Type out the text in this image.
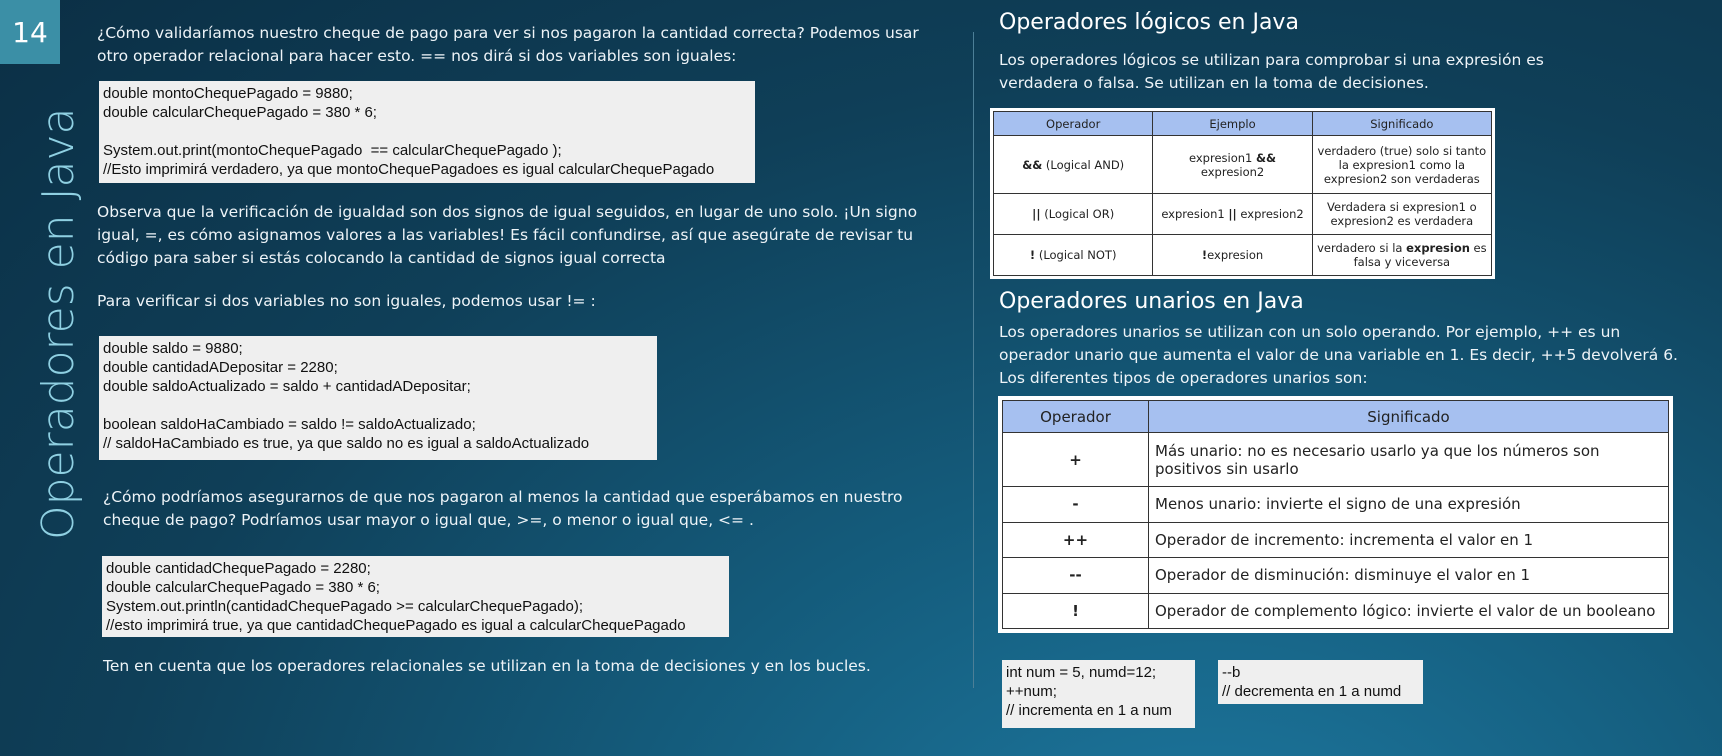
14
Operadores en Java

¿Cómo validaríamos nuestro cheque de pago para ver si nos pagaron la cantidad correcta? Podemos usar otro operador relacional para hacer esto. == nos dirá si dos variables son iguales:

double montoChequePagado = 9880;
double calcularChequePagado = 380 * 6;

System.out.print(montoChequePagado  == calcularChequePagado );
//Esto imprimirá verdadero, ya que montoChequePagadoes es igual calcularChequePagado

Observa que la verificación de igualdad son dos signos de igual seguidos, en lugar de uno solo. ¡Un signo igual, =, es cómo asignamos valores a las variables! Es fácil confundirse, así que asegúrate de revisar tu código para saber si estás colocando la cantidad de signos igual correcta

Para verificar si dos variables no son iguales, podemos usar != :

double saldo = 9880;
double cantidadADepositar = 2280;
double saldoActualizado = saldo + cantidadADepositar;

boolean saldoHaCambiado = saldo != saldoActualizado;
// saldoHaCambiado es true, ya que saldo no es igual a saldoActualizado

¿Cómo podríamos asegurarnos de que nos pagaron al menos la cantidad que esperábamos en nuestro cheque de pago? Podríamos usar mayor o igual que, >=, o menor o igual que, <= .

double cantidadChequePagado = 2280;
double calcularChequePagado = 380 * 6;
System.out.println(cantidadChequePagado >= calcularChequePagado);
//esto imprimirá true, ya que cantidadChequePagado es igual a calcularChequePagado

Ten en cuenta que los operadores relacionales se utilizan en la toma de decisiones y en los bucles.

Operadores lógicos en Java

Los operadores lógicos se utilizan para comprobar si una expresión es verdadera o falsa. Se utilizan en la toma de decisiones.

Operador	Ejemplo	Significado
&& (Logical AND)	expresion1 && expresion2	verdadero (true) solo si tanto la expresion1 como la expresion2 son verdaderas
|| (Logical OR)	expresion1 || expresion2	Verdadera si expresion1 o expresion2 es verdadera
! (Logical NOT)	!expresion	verdadero si la expresion es falsa y viceversa
Operadores unarios en Java

Los operadores unarios se utilizan con un solo operando. Por ejemplo, ++ es un operador unario que aumenta el valor de una variable en 1. Es decir, ++5 devolverá 6. Los diferentes tipos de operadores unarios son:

Operador	Significado
+	Más unario: no es necesario usarlo ya que los números son positivos sin usarlo
-	Menos unario: invierte el signo de una expresión
++	Operador de incremento: incrementa el valor en 1
--	Operador de disminución: disminuye el valor en 1
!	Operador de complemento lógico: invierte el valor de un booleano
int num = 5, numd=12;
++num;
// incrementa en 1 a num
--b
// decrementa en 1 a numd
